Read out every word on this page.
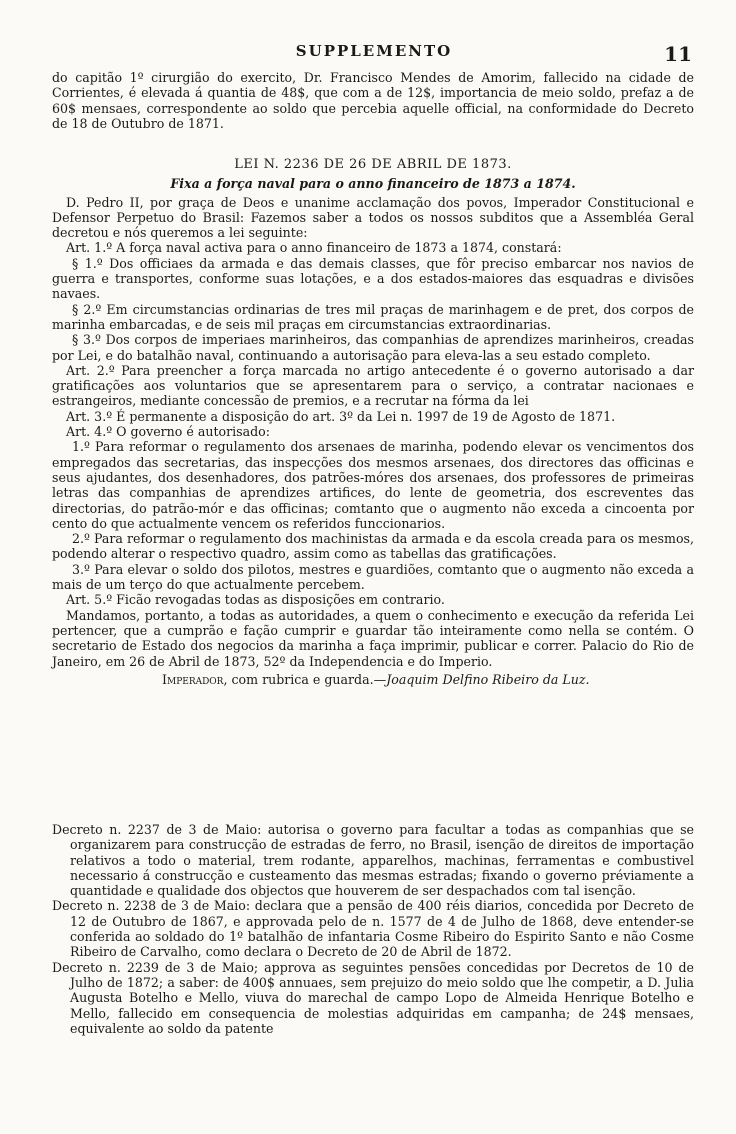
SUPPLEMENTO	11

do capitão 1º cirurgião do exercito, Dr. Francisco Mendes de Amorim, fallecido na cidade de Corrientes, é elevada á quantia de 48$, que com a de 12$, importancia de meio soldo, prefaz a de 60$ mensaes, correspondente ao soldo que percebia aquelle official, na conformidade do Decreto de 18 de Outubro de 1871.

LEI N. 2236 DE 26 DE ABRIL DE 1873.

Fixa a força naval para o anno financeiro de 1873 a 1874.

D. Pedro II, por graça de Deos e unanime acclamação dos povos, Imperador Constitucional e Defensor Perpetuo do Brasil: Fazemos saber a todos os nossos subditos que a Assembléa Geral decretou e nós queremos a lei seguinte:

Art. 1.º A força naval activa para o anno financeiro de 1873 a 1874, constará:

§ 1.º Dos officiaes da armada e das demais classes, que fôr preciso embarcar nos navios de guerra e transportes, conforme suas lotações, e a dos estados-maiores das esquadras e divisões navaes.

§ 2.º Em circumstancias ordinarias de tres mil praças de marinhagem e de pret, dos corpos de marinha embarcadas, e de seis mil praças em circumstancias extraordinarias.

§ 3.º Dos corpos de imperiaes marinheiros, das companhias de aprendizes marinheiros, creadas por Lei, e do batalhão naval, continuando a autorisação para eleva-las a seu estado completo.

Art. 2.º Para preencher a força marcada no artigo antecedente é o governo autorisado a dar gratificações aos voluntarios que se apresentarem para o serviço, a contratar nacionaes e estrangeiros, mediante concessão de premios, e a recrutar na fórma da lei

Art. 3.º É permanente a disposição do art. 3º da Lei n. 1997 de 19 de Agosto de 1871.

Art. 4.º O governo é autorisado:

1.º Para reformar o regulamento dos arsenaes de marinha, podendo elevar os vencimentos dos empregados das secretarias, das inspecções dos mesmos arsenaes, dos directores das officinas e seus ajudantes, dos desenhadores, dos patrões-móres dos arsenaes, dos professores de primeiras letras das companhias de aprendizes artifices, do lente de geometria, dos escreventes das directorias, do patrão-mór e das officinas; comtanto que o augmento não exceda a cincoenta por cento do que actualmente vencem os referidos funccionarios.

2.º Para reformar o regulamento dos machinistas da armada e da escola creada para os mesmos, podendo alterar o respectivo quadro, assim como as tabellas das gratificações.

3.º Para elevar o soldo dos pilotos, mestres e guardiões, comtanto que o augmento não exceda a mais de um terço do que actualmente percebem.

Art. 5.º Ficão revogadas todas as disposições em contrario.

Mandamos, portanto, a todas as autoridades, a quem o conhecimento e execução da referida Lei pertencer, que a cumprão e fação cumprir e guardar tão inteiramente como nella se contém. O secretario de Estado dos negocios da marinha a faça imprimir, publicar e correr. Palacio do Rio de Janeiro, em 26 de Abril de 1873, 52º da Independencia e do Imperio.

Imperador, com rubrica e guarda.—Joaquim Delfino Ribeiro da Luz.

Decreto n. 2237 de 3 de Maio: autorisa o governo para facultar a todas as companhias que se organizarem para construcção de estradas de ferro, no Brasil, isenção de direitos de importação relativos a todo o material, trem rodante, apparelhos, machinas, ferramentas e combustivel necessario á construcção e custeamento das mesmas estradas; fixando o governo préviamente a quantidade e qualidade dos objectos que houverem de ser despachados com tal isenção.

Decreto n. 2238 de 3 de Maio: declara que a pensão de 400 réis diarios, concedida por Decreto de 12 de Outubro de 1867, e approvada pelo de n. 1577 de 4 de Julho de 1868, deve entender-se conferida ao soldado do 1º batalhão de infantaria Cosme Ribeiro do Espirito Santo e não Cosme Ribeiro de Carvalho, como declara o Decreto de 20 de Abril de 1872.

Decreto n. 2239 de 3 de Maio; approva as seguintes pensões concedidas por Decretos de 10 de Julho de 1872; a saber: de 400$ annuaes, sem prejuizo do meio soldo que lhe competir, a D. Julia Augusta Botelho e Mello, viuva do marechal de campo Lopo de Almeida Henrique Botelho e Mello, fallecido em consequencia de molestias adquiridas em campanha; de 24$ mensaes, equivalente ao soldo da patente
